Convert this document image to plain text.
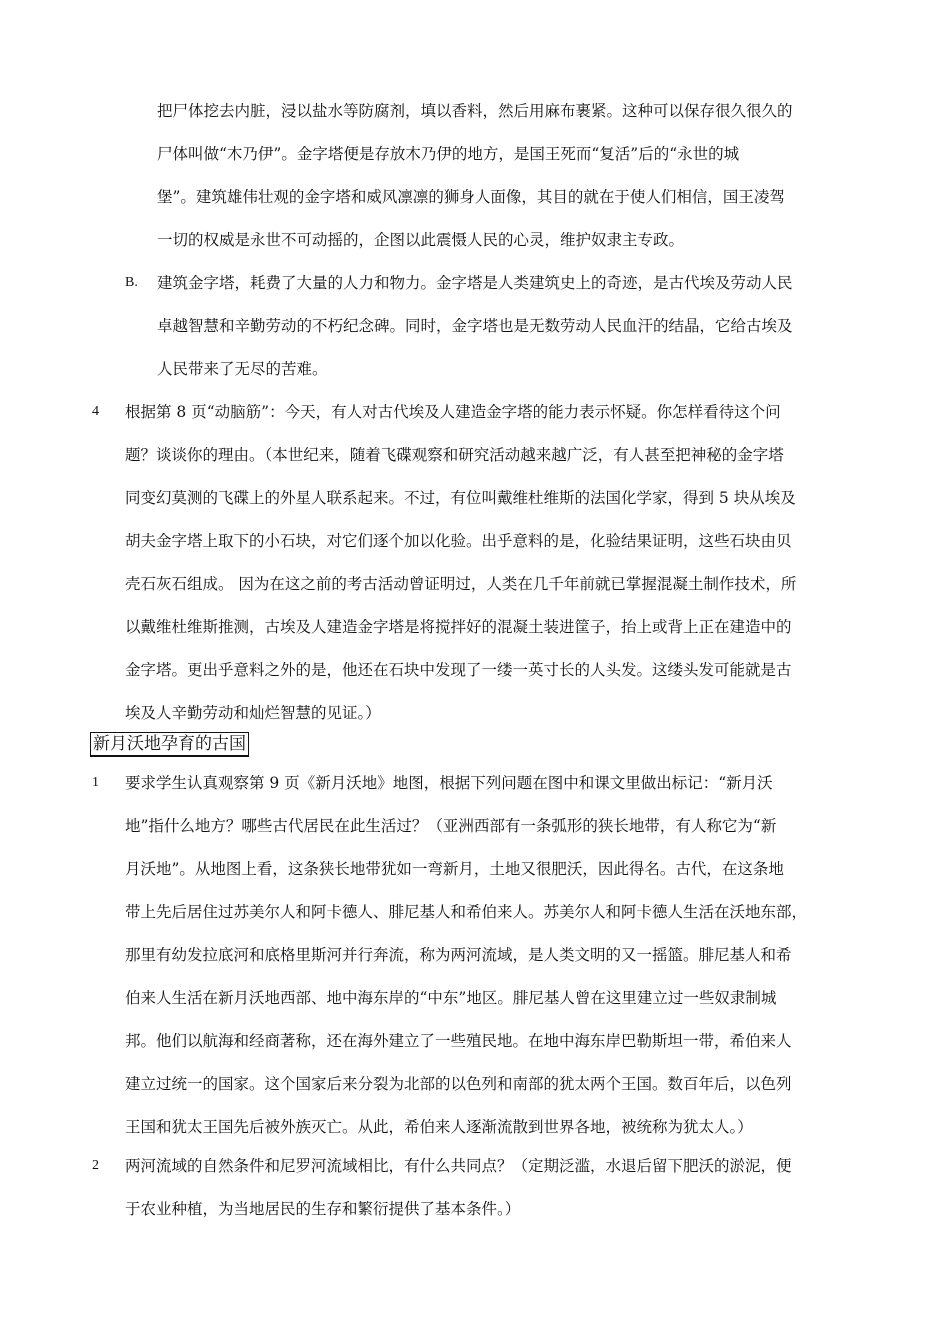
把尸体挖去内脏，浸以盐水等防腐剂，填以香料，然后用麻布裹紧。这种可以保存很久很久的
尸体叫做“木乃伊”。金字塔便是存放木乃伊的地方，是国王死而“复活”后的“永世的城
堡”。建筑雄伟壮观的金字塔和威风凛凛的狮身人面像，其目的就在于使人们相信，国王凌驾
一切的权威是永世不可动摇的，企图以此震慑人民的心灵，维护奴隶主专政。
B. 建筑金字塔，耗费了大量的人力和物力。金字塔是人类建筑史上的奇迹，是古代埃及劳动人民
卓越智慧和辛勤劳动的不朽纪念碑。同时，金字塔也是无数劳动人民血汗的结晶，它给古埃及
人民带来了无尽的苦难。
4 根据第 8 页“动脑筋”：今天，有人对古代埃及人建造金字塔的能力表示怀疑。你怎样看待这个问
题？谈谈你的理由。（本世纪来，随着飞碟观察和研究活动越来越广泛，有人甚至把神秘的金字塔
同变幻莫测的飞碟上的外星人联系起来。不过，有位叫戴维杜维斯的法国化学家，得到 5 块从埃及
胡夫金字塔上取下的小石块，对它们逐个加以化验。出乎意料的是，化验结果证明，这些石块由贝
壳石灰石组成。 因为在这之前的考古活动曾证明过，人类在几千年前就已掌握混凝土制作技术，所
以戴维杜维斯推测，古埃及人建造金字塔是将搅拌好的混凝土装进筐子，抬上或背上正在建造中的
金字塔。更出乎意料之外的是，他还在石块中发现了一缕一英寸长的人头发。这缕头发可能就是古
埃及人辛勤劳动和灿烂智慧的见证。）
新月沃地孕育的古国
1 要求学生认真观察第 9 页《新月沃地》地图，根据下列问题在图中和课文里做出标记：“新月沃
地”指什么地方？哪些古代居民在此生活过？（亚洲西部有一条弧形的狭长地带，有人称它为“新
月沃地”。从地图上看，这条狭长地带犹如一弯新月，土地又很肥沃，因此得名。古代，在这条地
带上先后居住过苏美尔人和阿卡德人、腓尼基人和希伯来人。苏美尔人和阿卡德人生活在沃地东部，
那里有幼发拉底河和底格里斯河并行奔流，称为两河流域，是人类文明的又一摇篮。腓尼基人和希
伯来人生活在新月沃地西部、地中海东岸的“中东”地区。腓尼基人曾在这里建立过一些奴隶制城
邦。他们以航海和经商著称，还在海外建立了一些殖民地。在地中海东岸巴勒斯坦一带，希伯来人
建立过统一的国家。这个国家后来分裂为北部的以色列和南部的犹太两个王国。数百年后，以色列
王国和犹太王国先后被外族灭亡。从此，希伯来人逐渐流散到世界各地，被统称为犹太人。）
2 两河流域的自然条件和尼罗河流域相比，有什么共同点？（定期泛滥，水退后留下肥沃的淤泥，便
于农业种植，为当地居民的生存和繁衍提供了基本条件。）
